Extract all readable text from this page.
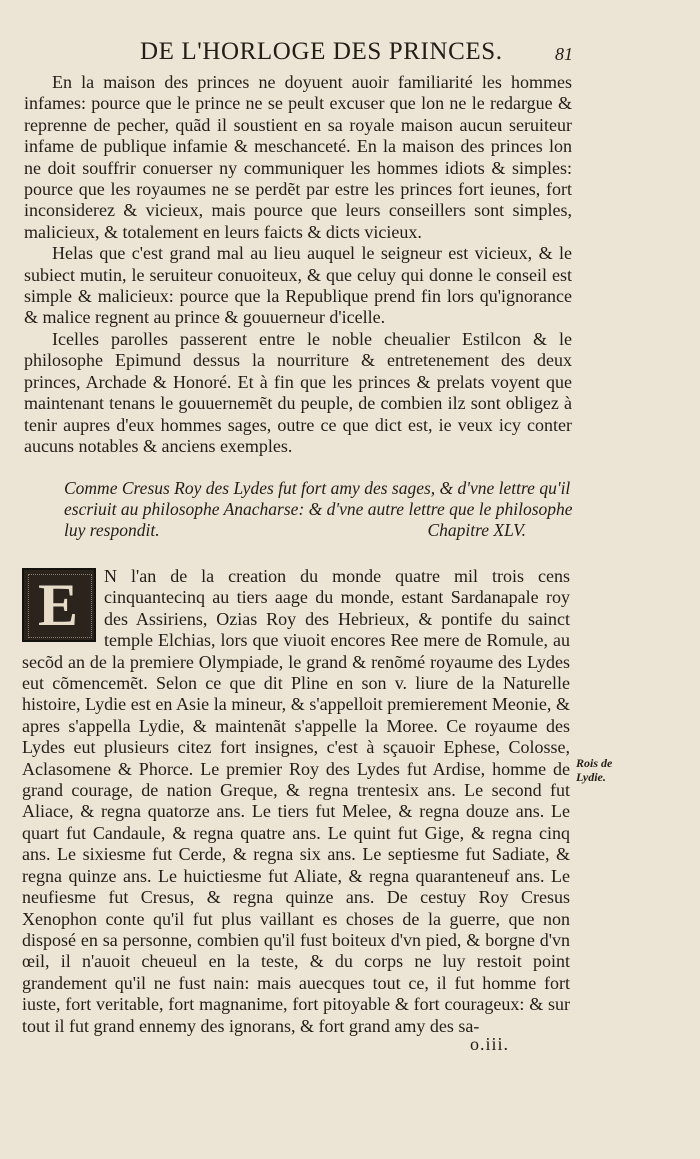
DE L'HORLOGE DES PRINCES.	81

En la maison des princes ne doyuent auoir familiarité les hommes infames: pource que le prince ne se peult excuser que lon ne le redargue & reprenne de pecher, quãd il soustient en sa royale maison aucun seruiteur infame de publique infamie & meschanceté. En la maison des princes lon ne doit souffrir conuerser ny communiquer les hommes idiots & simples: pource que les royaumes ne se perdẽt par estre les princes fort ieunes, fort inconsiderez & vicieux, mais pource que leurs conseillers sont simples, malicieux, & totalement en leurs faicts & dicts vicieux.

Helas que c'est grand mal au lieu auquel le seigneur est vicieux, & le subiect mutin, le seruiteur conuoiteux, & que celuy qui donne le conseil est simple & malicieux: pource que la Republique prend fin lors qu'ignorance & malice regnent au prince & gouuerneur d'icelle.

Icelles parolles passerent entre le noble cheualier Estilcon & le philosophe Epimund dessus la nourriture & entretenement des deux princes, Archade & Honoré. Et à fin que les princes & prelats voyent que maintenant tenans le gouuernemẽt du peuple, de combien ilz sont obligez à tenir aupres d'eux hommes sages, outre ce que dict est, ie veux icy conter aucuns notables & anciens exemples.

Comme Cresus Roy des Lydes fut fort amy des sages, & d'vne lettre qu'il
escriuit au philosophe Anacharse: & d'vne autre lettre que le philosophe
luy respondit.	Chapitre XLV.
E	N l'an de la creation du monde quatre mil trois cens cinquantecinq au tiers aage du monde, estant Sardanapale roy des Assiriens, Ozias Roy des Hebrieux, & pontife du sainct temple Elchias, lors que viuoit encores Ree mere de Romule, au secõd an de la premiere Olympiade, le grand & renõmé royaume des Lydes eut cõmencemẽt. Selon ce que dit Pline en son v. liure de la Naturelle histoire, Lydie est en Asie la mineur, & s'appelloit premierement Meonie, & apres s'appella Lydie, & maintenãt s'appelle la Moree. Ce royaume des Lydes eut plusieurs citez fort insignes, c'est à sçauoir Ephese, Colosse, Aclasomene & Phorce. Le premier Roy des Lydes fut Ardise, homme de grand courage, de nation Greque, & regna trentesix ans. Le second fut Aliace, & regna quatorze ans. Le tiers fut Melee, & regna douze ans. Le quart fut Candaule, & regna quatre ans. Le quint fut Gige, & regna cinq ans. Le sixiesme fut Cerde, & regna six ans. Le septiesme fut Sadiate, & regna quinze ans. Le huictiesme fut Aliate, & regna quaranteneuf ans. Le neufiesme fut Cresus, & regna quinze ans. De cestuy Roy Cresus Xenophon conte qu'il fut plus vaillant es choses de la guerre, que non disposé en sa personne, combien qu'il fust boiteux d'vn pied, & borgne d'vn œil, il n'auoit cheueul en la teste, & du corps ne luy restoit point grandement qu'il ne fust nain: mais auecques tout ce, il fut homme fort iuste, fort veritable, fort magnanime, fort pitoyable & fort courageux: & sur tout il fut grand ennemy des ignorans, & fort grand amy des sa-

Rois de Lydie.
o.iii.
